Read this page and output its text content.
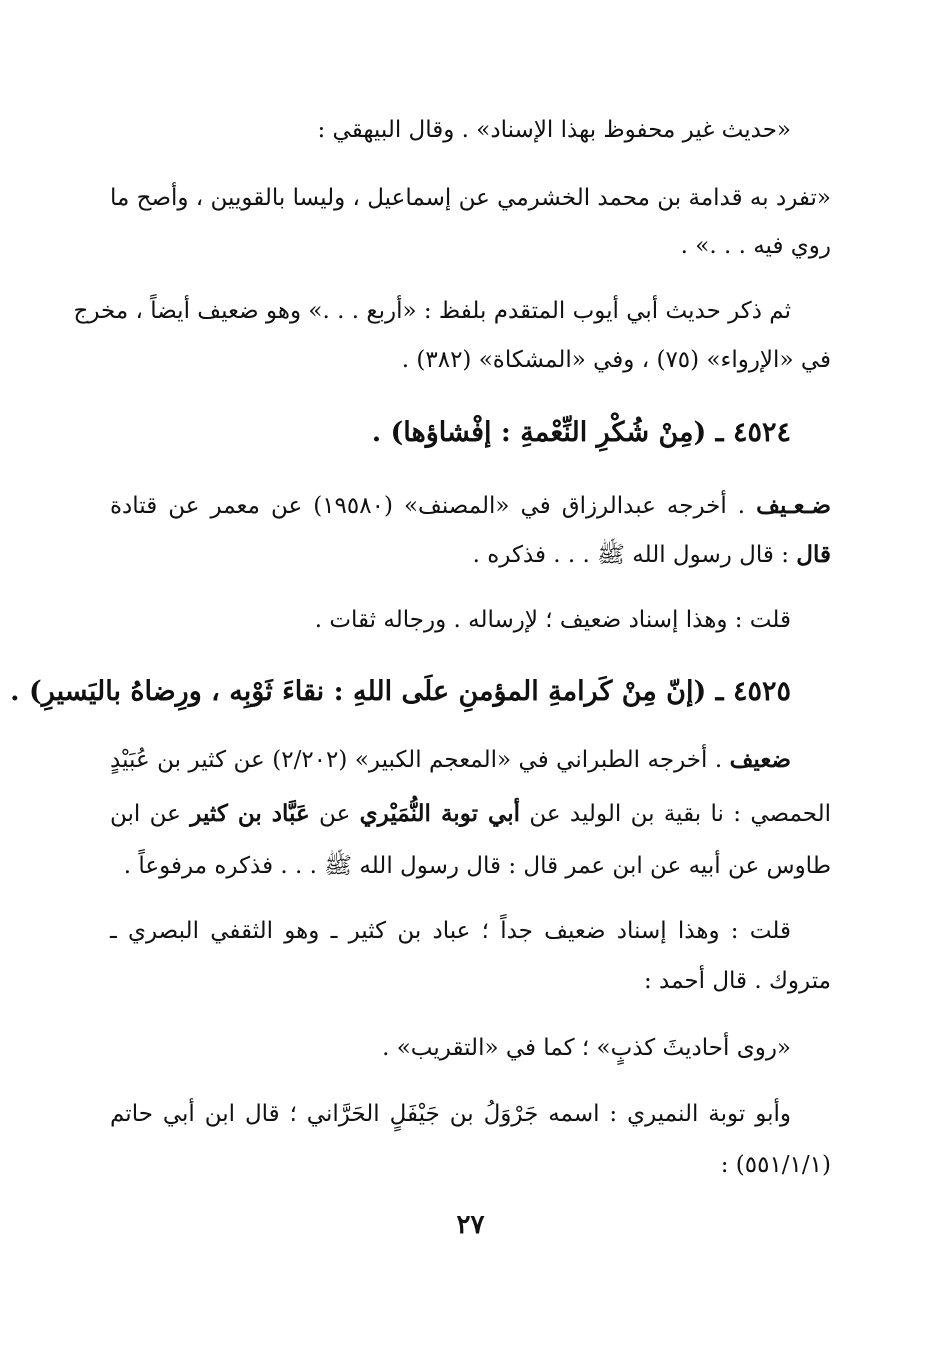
«حديث غير محفوظ بهذا الإسناد» . وقال البيهقي :
«تفرد به قدامة بن محمد الخشرمي عن إسماعيل ، وليسا بالقويين ، وأصح ما
روي فيه . . .» .
ثم ذكر حديث أبي أيوب المتقدم بلفظ : «أربع . . .» وهو ضعيف أيضاً ، مخرج
في «الإرواء» (٧٥) ، وفي «المشكاة» (٣٨٢) .
٤٥٢٤ ـ (مِنْ شُكْرِ النِّعْمةِ : إفْشاؤها) .
ضـعـيف . أخرجه عبدالرزاق في «المصنف» (١٩٥٨٠) عن معمر عن قتادة
قال : قال رسول الله ﷺ . . . فذكره .
قلت : وهذا إسناد ضعيف ؛ لإرساله . ورجاله ثقات .
٤٥٢٥ ـ (إنّ مِنْ كَرامةِ المؤمنِ علَى اللهِ : نقاءَ ثَوْبِه ، ورِضاهُ باليَسيرِ) .
ضعيف . أخرجه الطبراني في «المعجم الكبير» (٢/٢٠٢) عن كثير بن عُبَيْدٍ
الحمصي : نا بقية بن الوليد عن أبي توبة النُّمَيْري عن عَبَّاد بن كثير عن ابن
طاوس عن أبيه عن ابن عمر قال : قال رسول الله ﷺ . . . فذكره مرفوعاً .
قلت : وهذا إسناد ضعيف جداً ؛ عباد بن كثير ـ وهو الثقفي البصري ـ
متروك . قال أحمد :
«روى أحاديثَ كذبٍ» ؛ كما في «التقريب» .
وأبو توبة النميري : اسمه جَرْوَلُ بن جَيْفَلٍ الحَرَّاني ؛ قال ابن أبي حاتم
(٥٥١/١/١) :
٢٧
